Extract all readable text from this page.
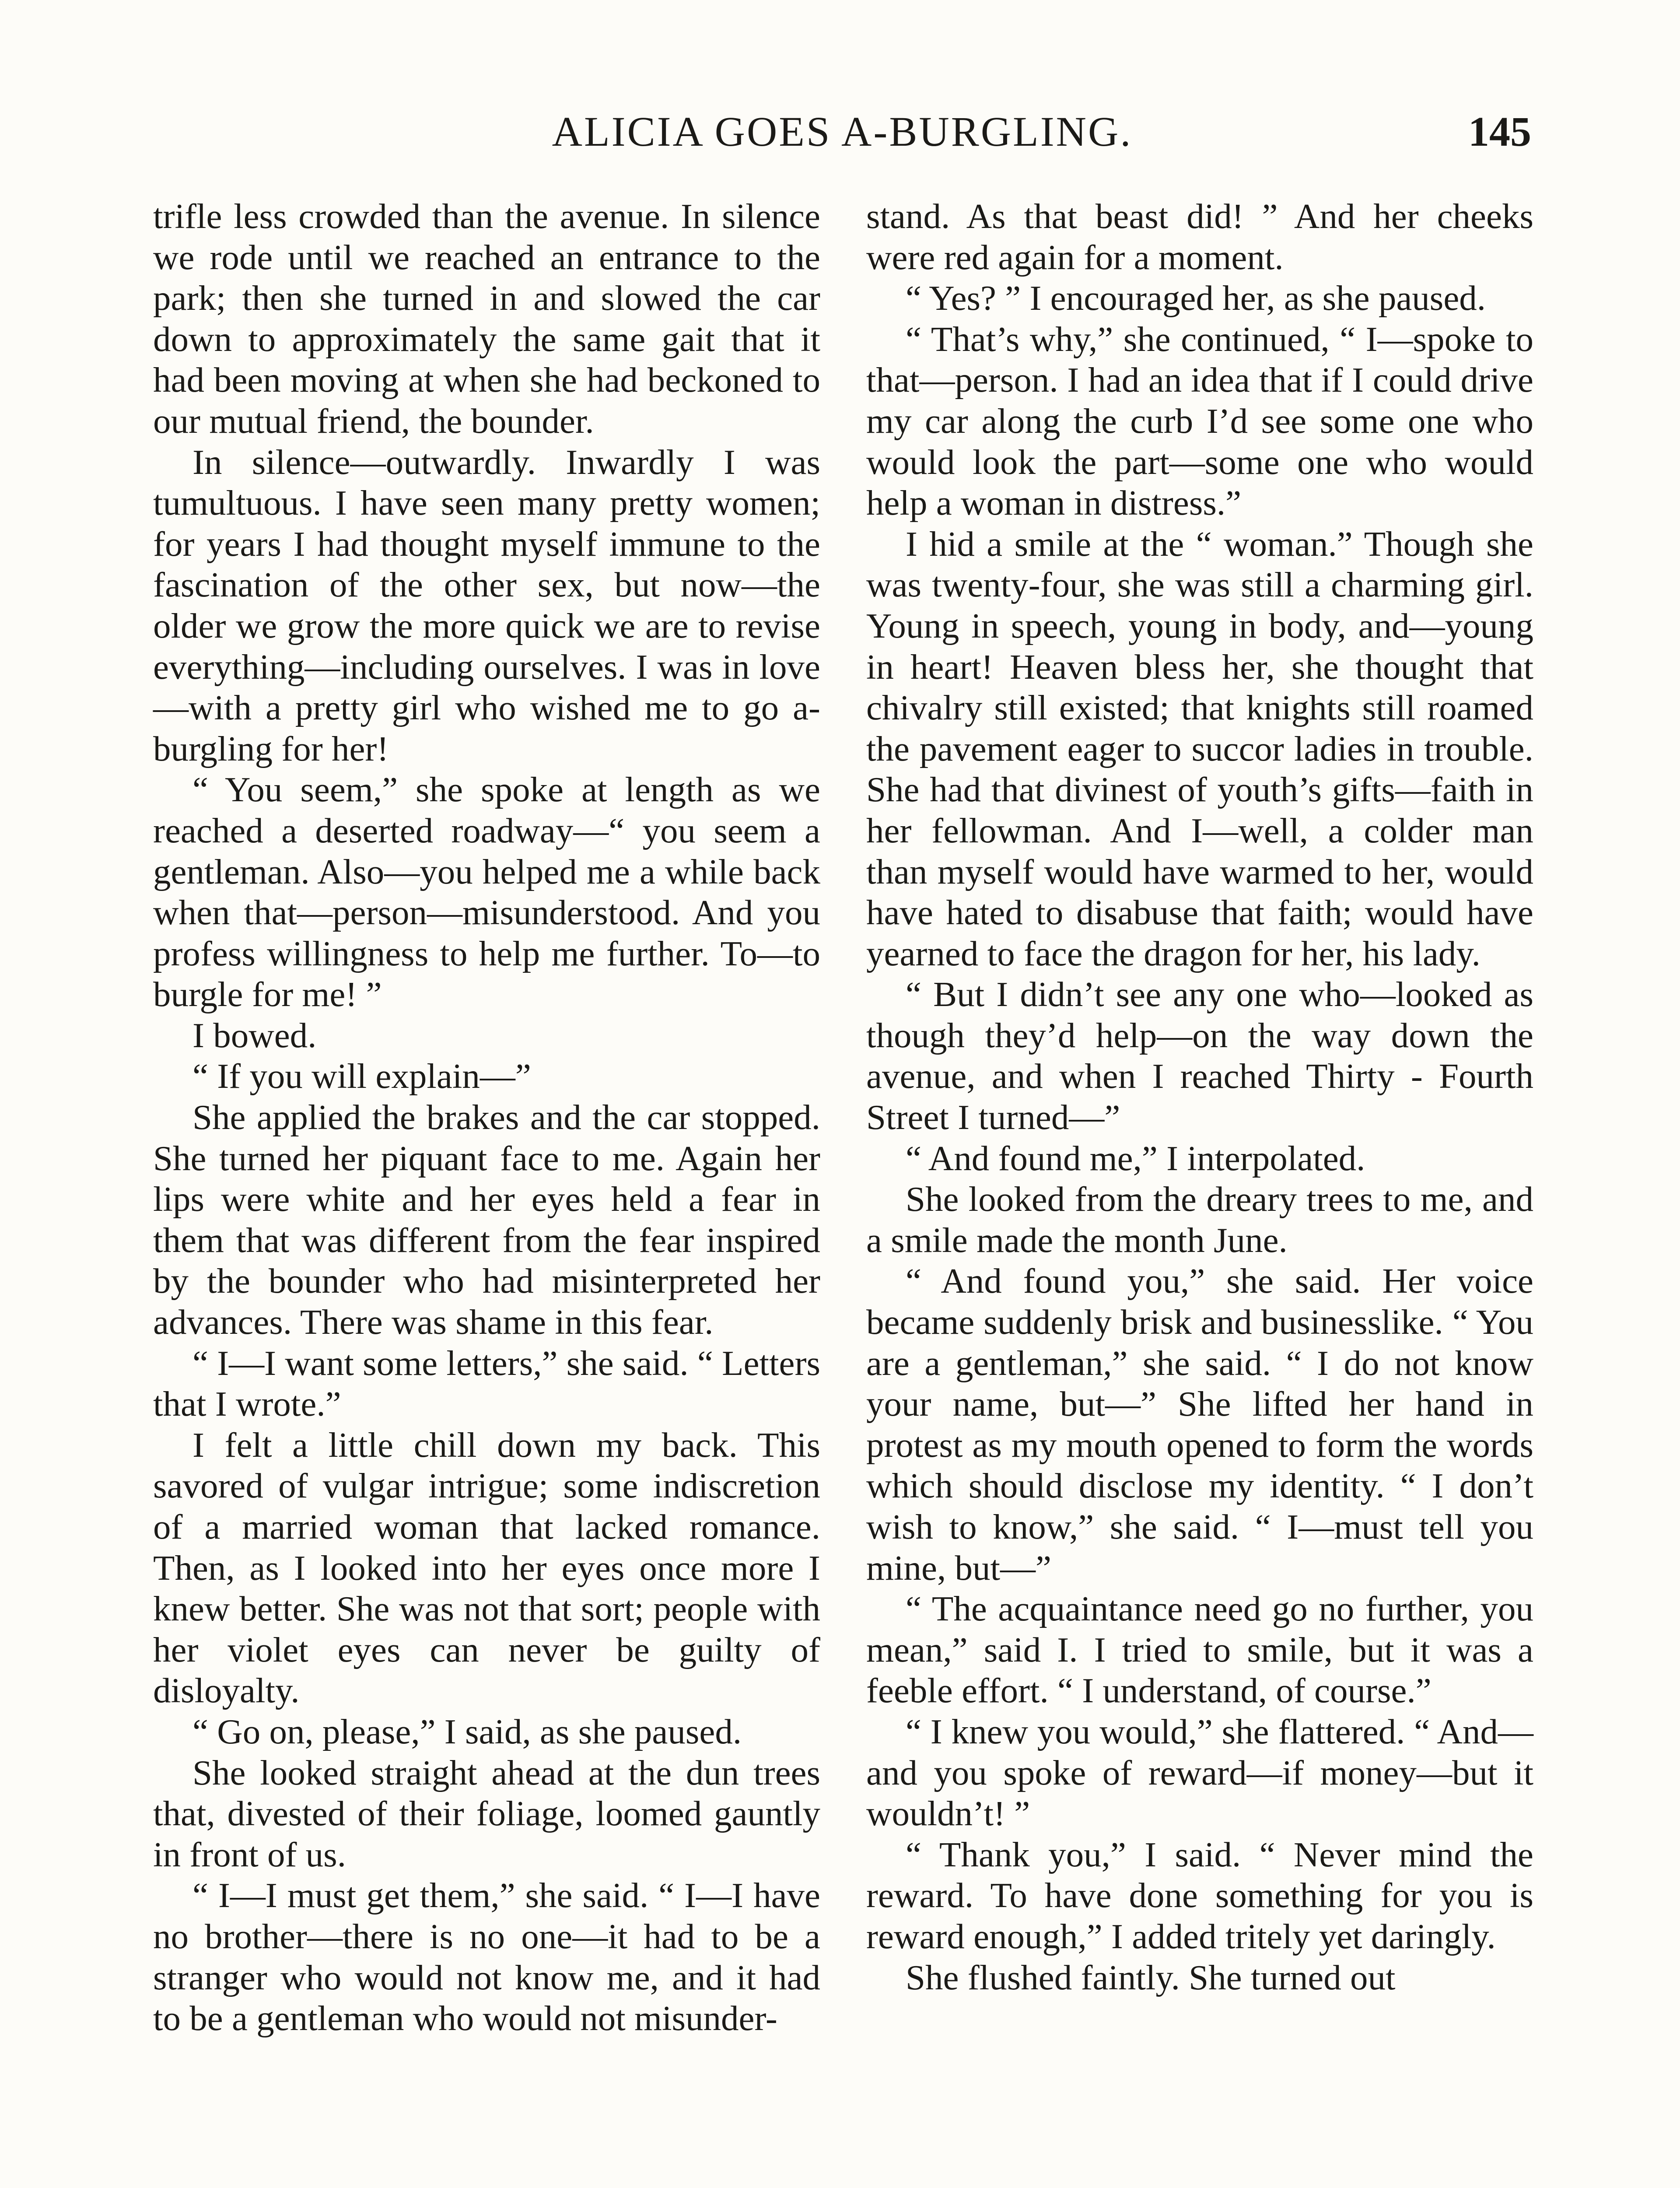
ALICIA GOES A-BURGLING.	145

trifle less crowded than the avenue. In silence we rode until we reached an entrance to the park; then she turned in and slowed the car down to approximately the same gait that it had been moving at when she had beckoned to our mutual friend, the bounder.

In silence—outwardly. Inwardly I was tumultuous. I have seen many pretty women; for years I had thought myself immune to the fascination of the other sex, but now—the older we grow the more quick we are to revise everything—including ourselves. I was in love—with a pretty girl who wished me to go a-burgling for her!

“ You seem,” she spoke at length as we reached a deserted roadway—“ you seem a gentleman. Also—you helped me a while back when that—person—misunderstood. And you profess willingness to help me further. To—to burgle for me! ”

I bowed.

“ If you will explain—”

She applied the brakes and the car stopped. She turned her piquant face to me. Again her lips were white and her eyes held a fear in them that was different from the fear inspired by the bounder who had misinterpreted her advances. There was shame in this fear.

“ I—I want some letters,” she said. “ Letters that I wrote.”

I felt a little chill down my back. This savored of vulgar intrigue; some indiscretion of a married woman that lacked romance. Then, as I looked into her eyes once more I knew better. She was not that sort; people with her violet eyes can never be guilty of disloyalty.

“ Go on, please,” I said, as she paused.

She looked straight ahead at the dun trees that, divested of their foliage, loomed gauntly in front of us.

“ I—I must get them,” she said. “ I—I have no brother—there is no one—it had to be a stranger who would not know me, and it had to be a gentleman who would not misunder-

stand. As that beast did! ” And her cheeks were red again for a moment.

“ Yes? ” I encouraged her, as she paused.

“ That’s why,” she continued, “ I—spoke to that—person. I had an idea that if I could drive my car along the curb I’d see some one who would look the part—some one who would help a woman in distress.”

I hid a smile at the “ woman.” Though she was twenty-four, she was still a charming girl. Young in speech, young in body, and—young in heart! Heaven bless her, she thought that chivalry still existed; that knights still roamed the pavement eager to succor ladies in trouble. She had that divinest of youth’s gifts—faith in her fellowman. And I—well, a colder man than myself would have warmed to her, would have hated to disabuse that faith; would have yearned to face the dragon for her, his lady.

“ But I didn’t see any one who—looked as though they’d help—on the way down the avenue, and when I reached Thirty - Fourth Street I turned—”

“ And found me,” I interpolated.

She looked from the dreary trees to me, and a smile made the month June.

“ And found you,” she said. Her voice became suddenly brisk and businesslike. “ You are a gentleman,” she said. “ I do not know your name, but—” She lifted her hand in protest as my mouth opened to form the words which should disclose my identity. “ I don’t wish to know,” she said. “ I—must tell you mine, but—”

“ The acquaintance need go no further, you mean,” said I. I tried to smile, but it was a feeble effort. “ I understand, of course.”

“ I knew you would,” she flattered. “ And—and you spoke of reward—if money—but it wouldn’t! ”

“ Thank you,” I said. “ Never mind the reward. To have done something for you is reward enough,” I added tritely yet daringly.

She flushed faintly. She turned out
